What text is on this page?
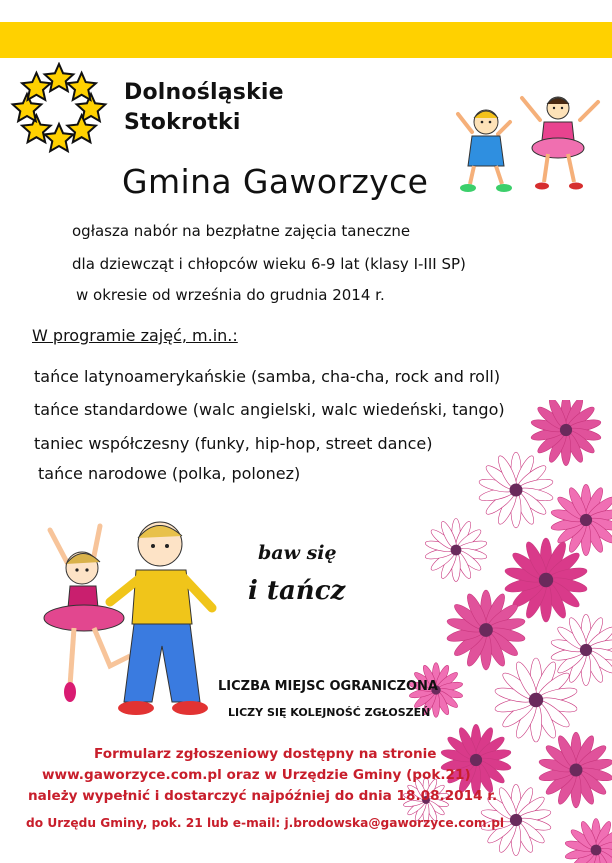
Dolnośląskie
Stokrotki
Gmina Gaworzyce
ogłasza nabór na bezpłatne zajęcia taneczne
dla dziewcząt i chłopców wieku 6-9 lat (klasy I-III SP)
w okresie od września do grudnia 2014 r.
W programie zajęć, m.in.:
tańce latynoamerykańskie (samba, cha-cha, rock and roll)
tańce standardowe (walc angielski, walc wiedeński, tango)
taniec współczesny (funky, hip-hop, street dance)
tańce narodowe (polka, polonez)
baw się
i tańcz
LICZBA MIEJSC OGRANICZONA
LICZY SIĘ KOLEJNOŚĆ ZGŁOSZEŃ
Formularz zgłoszeniowy dostępny na stronie
www.gaworzyce.com.pl oraz w Urzędzie Gminy (pok.21)
należy wypełnić i dostarczyć najpóźniej do dnia 18.08.2014 r.
do Urzędu Gminy, pok. 21 lub e-mail: j.brodowska@gaworzyce.com.pl
